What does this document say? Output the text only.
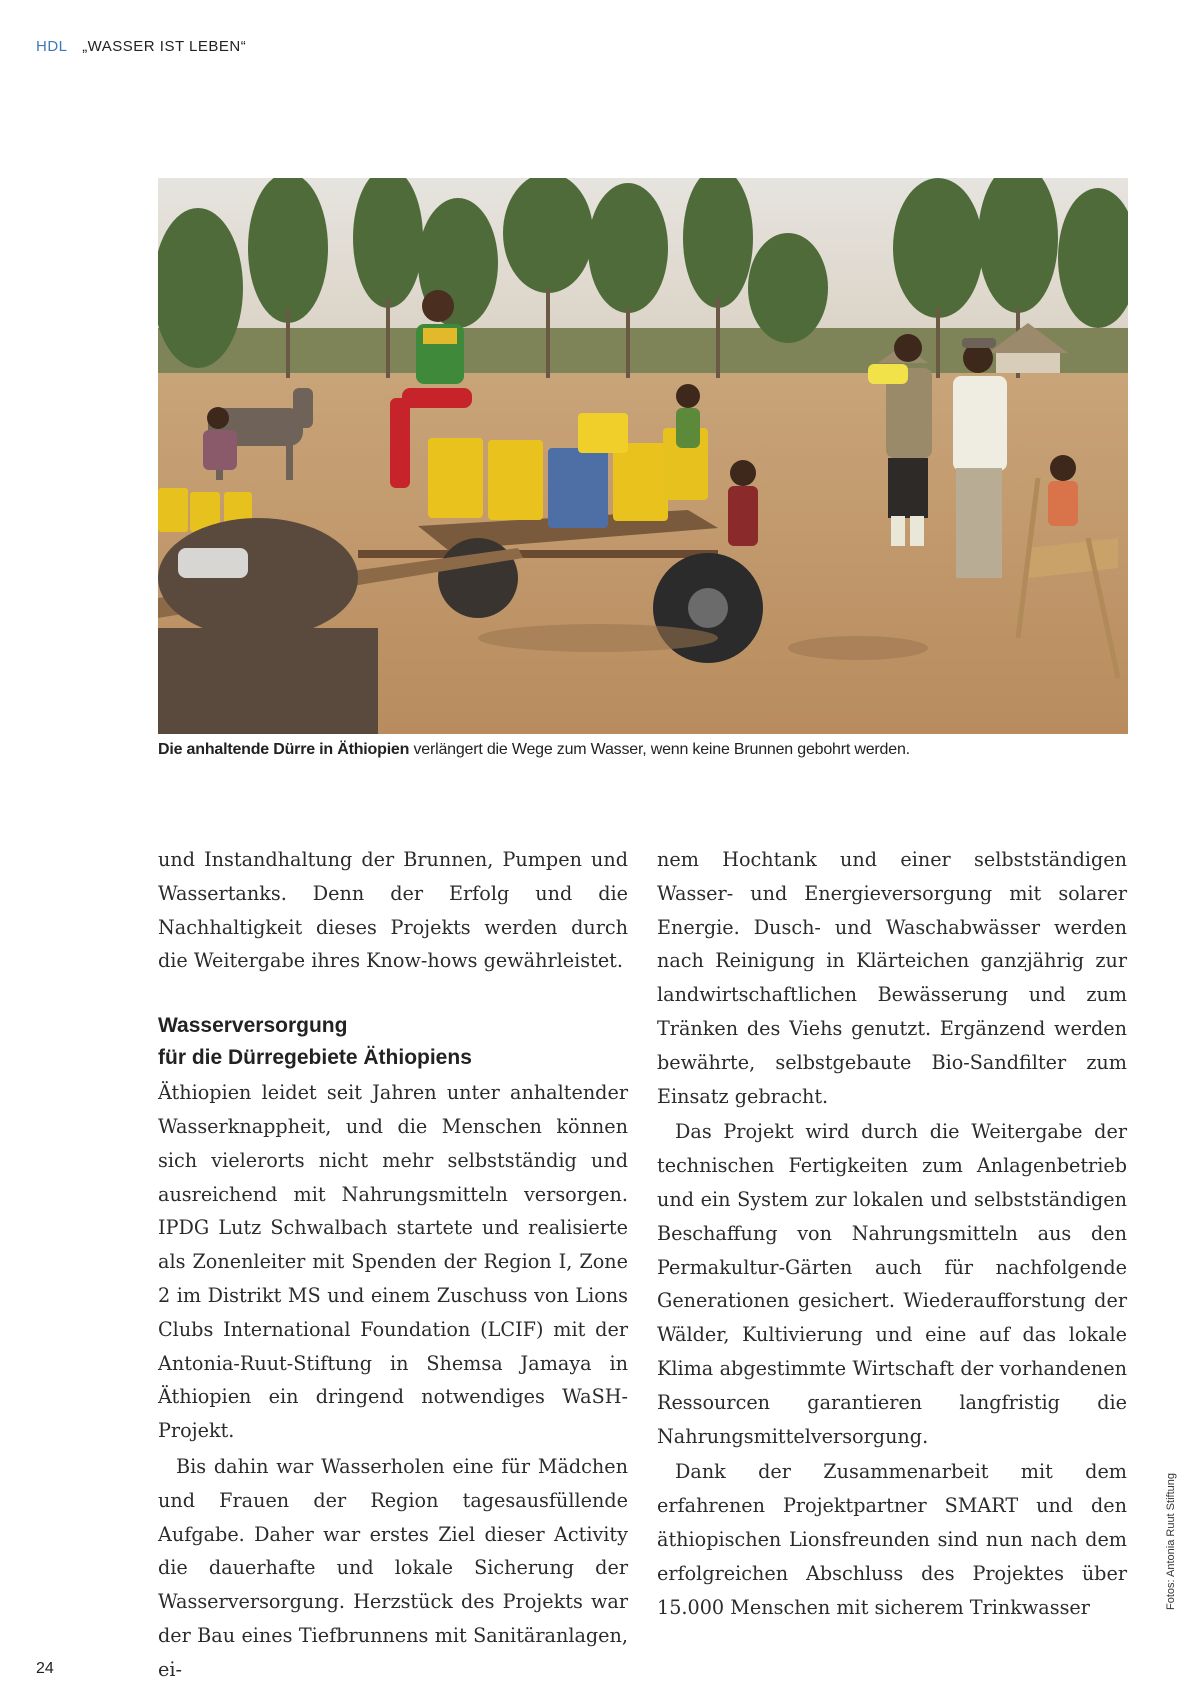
HDL „WASSER IST LEBEN“
Die anhaltende Dürre in Äthiopien verlängert die Wege zum Wasser, wenn keine Brunnen gebohrt werden.

und Instandhaltung der Brunnen, Pumpen und Wassertanks. Denn der Erfolg und die Nachhaltigkeit dieses Projekts werden durch die Weitergabe ihres Know-hows gewährleistet.

Wasserversorgung
für die Dürregebiete Äthiopiens

Äthiopien leidet seit Jahren unter anhaltender Wasserknappheit, und die Menschen können sich vielerorts nicht mehr selbstständig und ausreichend mit Nahrungsmitteln versorgen. IPDG Lutz Schwalbach startete und realisierte als Zonenleiter mit Spenden der Region I, Zone 2 im Distrikt MS und einem Zuschuss von Lions Clubs International Foundation (LCIF) mit der Antonia-Ruut-Stiftung in Shemsa Jamaya in Äthiopien ein dringend notwendiges WaSH-Projekt.

Bis dahin war Wasserholen eine für Mädchen und Frauen der Region tagesausfüllende Aufgabe. Daher war erstes Ziel dieser Activity die dauerhafte und lokale Sicherung der Wasserversorgung. Herzstück des Projekts war der Bau eines Tiefbrunnens mit Sanitäranlagen, ei-

nem Hochtank und einer selbstständigen Wasser- und Energieversorgung mit solarer Energie. Dusch- und Waschabwässer werden nach Reinigung in Klärteichen ganzjährig zur landwirtschaftlichen Bewässerung und zum Tränken des Viehs genutzt. Ergänzend werden bewährte, selbstgebaute Bio-Sandfilter zum Einsatz gebracht.

Das Projekt wird durch die Weitergabe der technischen Fertigkeiten zum Anlagenbetrieb und ein System zur lokalen und selbstständigen Beschaffung von Nahrungsmitteln aus den Permakultur-Gärten auch für nachfolgende Generationen gesichert. Wiederaufforstung der Wälder, Kultivierung und eine auf das lokale Klima abgestimmte Wirtschaft der vorhandenen Ressourcen garantieren langfristig die Nahrungsmittelversorgung.

Dank der Zusammenarbeit mit dem erfahrenen Projektpartner SMART und den äthiopischen Lionsfreunden sind nun nach dem erfolgreichen Abschluss des Projektes über 15.000 Menschen mit sicherem Trinkwasser	Fotos: Antonia Ruut Stiftung
24
